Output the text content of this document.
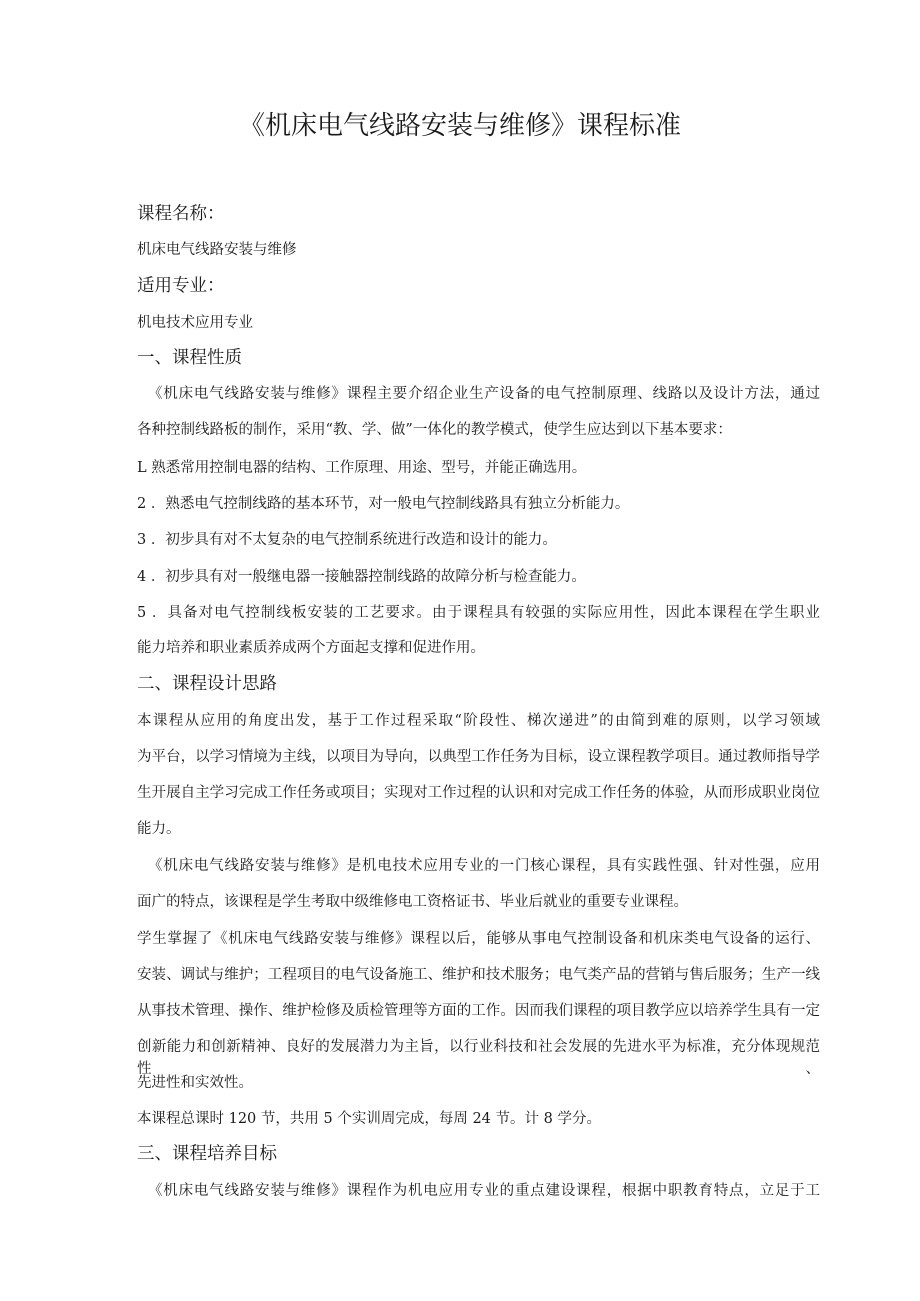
《机床电气线路安装与维修》课程标准
课程名称：
机床电气线路安装与维修
适用专业：
机电技术应用专业
一、课程性质
《机床电气线路安装与维修》课程主要介绍企业生产设备的电气控制原理、线路以及设计方法，通过
各种控制线路板的制作，采用“教、学、做”一体化的教学模式，使学生应达到以下基本要求：
L 熟悉常用控制电器的结构、工作原理、用途、型号，并能正确选用。
2 ．熟悉电气控制线路的基本环节，对一般电气控制线路具有独立分析能力。
3 ．初步具有对不太复杂的电气控制系统进行改造和设计的能力。
4 ．初步具有对一般继电器一接触器控制线路的故障分析与检查能力。
5 ．具备对电气控制线板安装的工艺要求。由于课程具有较强的实际应用性，因此本课程在学生职业
能力培养和职业素质养成两个方面起支撑和促进作用。
二、课程设计思路
本课程从应用的角度出发，基于工作过程采取“阶段性、梯次递进”的由简到难的原则，以学习领域
为平台，以学习情境为主线，以项目为导向，以典型工作任务为目标，设立课程教学项目。通过教师指导学
生开展自主学习完成工作任务或项目；实现对工作过程的认识和对完成工作任务的体验，从而形成职业岗位
能力。
《机床电气线路安装与维修》是机电技术应用专业的一门核心课程，具有实践性强、针对性强，应用
面广的特点，该课程是学生考取中级维修电工资格证书、毕业后就业的重要专业课程。
学生掌握了《机床电气线路安装与维修》课程以后，能够从事电气控制设备和机床类电气设备的运行、
安装、调试与维护；工程项目的电气设备施工、维护和技术服务；电气类产品的营销与售后服务；生产一线
从事技术管理、操作、维护检修及质检管理等方面的工作。因而我们课程的项目教学应以培养学生具有一定
创新能力和创新精神、良好的发展潜力为主旨，以行业科技和社会发展的先进水平为标准，充分体现规范性、
先进性和实效性。
本课程总课时 120 节，共用 5 个实训周完成，每周 24 节。计 8 学分。
三、课程培养目标
《机床电气线路安装与维修》课程作为机电应用专业的重点建设课程，根据中职教育特点，立足于工
